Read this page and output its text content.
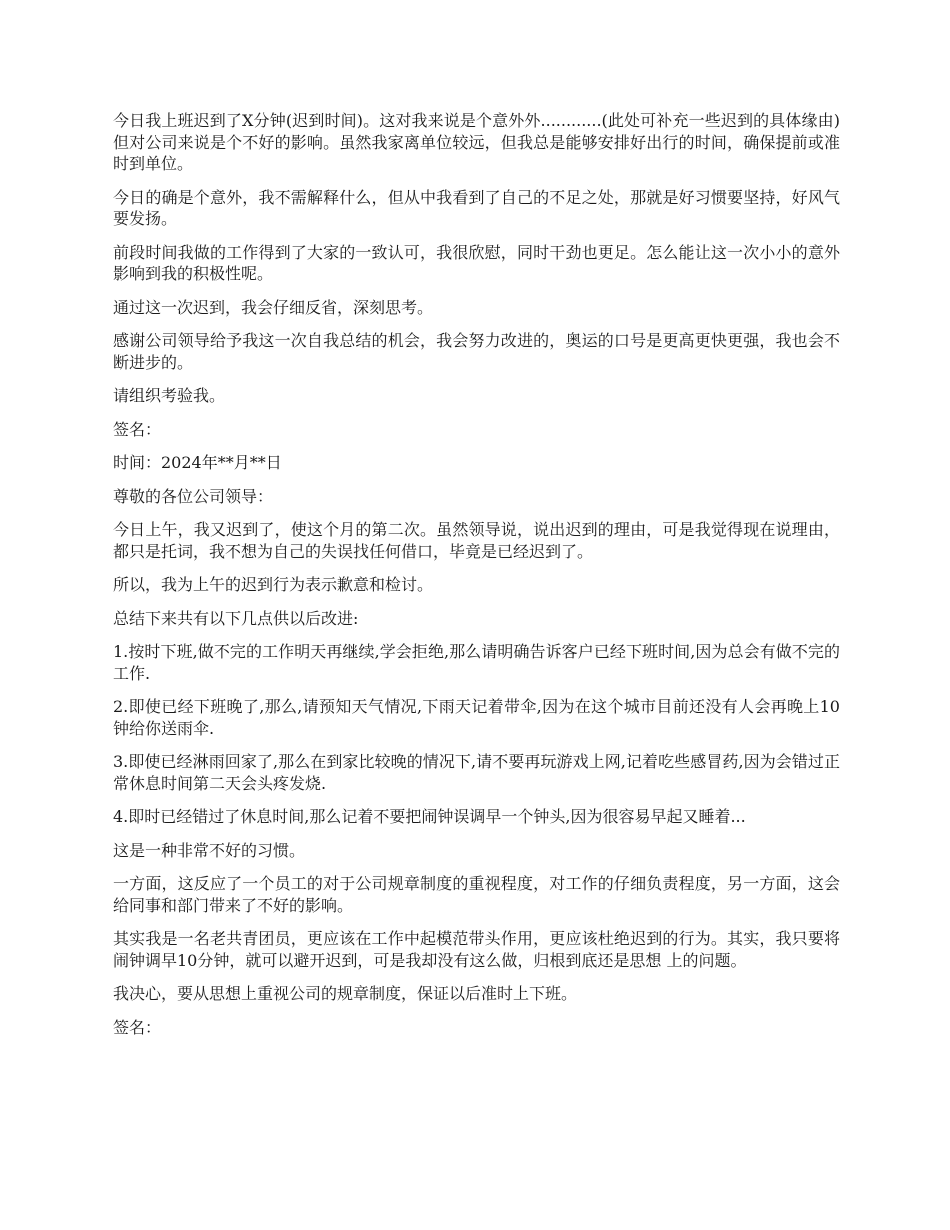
今日我上班迟到了X分钟(迟到时间)。这对我来说是个意外外............(此处可补充一些迟到的具体缘由)但对公司来说是个不好的影响。虽然我家离单位较远，但我总是能够安排好出行的时间，确保提前或准时到单位。

今日的确是个意外，我不需解释什么，但从中我看到了自己的不足之处，那就是好习惯要坚持，好风气要发扬。

前段时间我做的工作得到了大家的一致认可，我很欣慰，同时干劲也更足。怎么能让这一次小小的意外影响到我的积极性呢。

通过这一次迟到，我会仔细反省，深刻思考。

感谢公司领导给予我这一次自我总结的机会，我会努力改进的，奥运的口号是更高更快更强，我也会不断进步的。

请组织考验我。

签名：

时间：2024年**月**日

尊敬的各位公司领导：

今日上午，我又迟到了，使这个月的第二次。虽然领导说，说出迟到的理由，可是我觉得现在说理由，都只是托词，我不想为自己的失误找任何借口，毕竟是已经迟到了。

所以，我为上午的迟到行为表示歉意和检讨。

总结下来共有以下几点供以后改进:

1.按时下班,做不完的工作明天再继续,学会拒绝,那么请明确告诉客户已经下班时间,因为总会有做不完的工作.

2.即使已经下班晚了,那么,请预知天气情况,下雨天记着带伞,因为在这个城市目前还没有人会再晚上10钟给你送雨伞.

3.即使已经淋雨回家了,那么在到家比较晚的情况下,请不要再玩游戏上网,记着吃些感冒药,因为会错过正常休息时间第二天会头疼发烧.

4.即时已经错过了休息时间,那么记着不要把闹钟误调早一个钟头,因为很容易早起又睡着...

这是一种非常不好的习惯。

一方面，这反应了一个员工的对于公司规章制度的重视程度，对工作的仔细负责程度，另一方面，这会给同事和部门带来了不好的影响。

其实我是一名老共青团员，更应该在工作中起模范带头作用，更应该杜绝迟到的行为。其实，我只要将闹钟调早10分钟，就可以避开迟到，可是我却没有这么做，归根到底还是思想 上的问题。

我决心，要从思想上重视公司的规章制度，保证以后准时上下班。

签名：
